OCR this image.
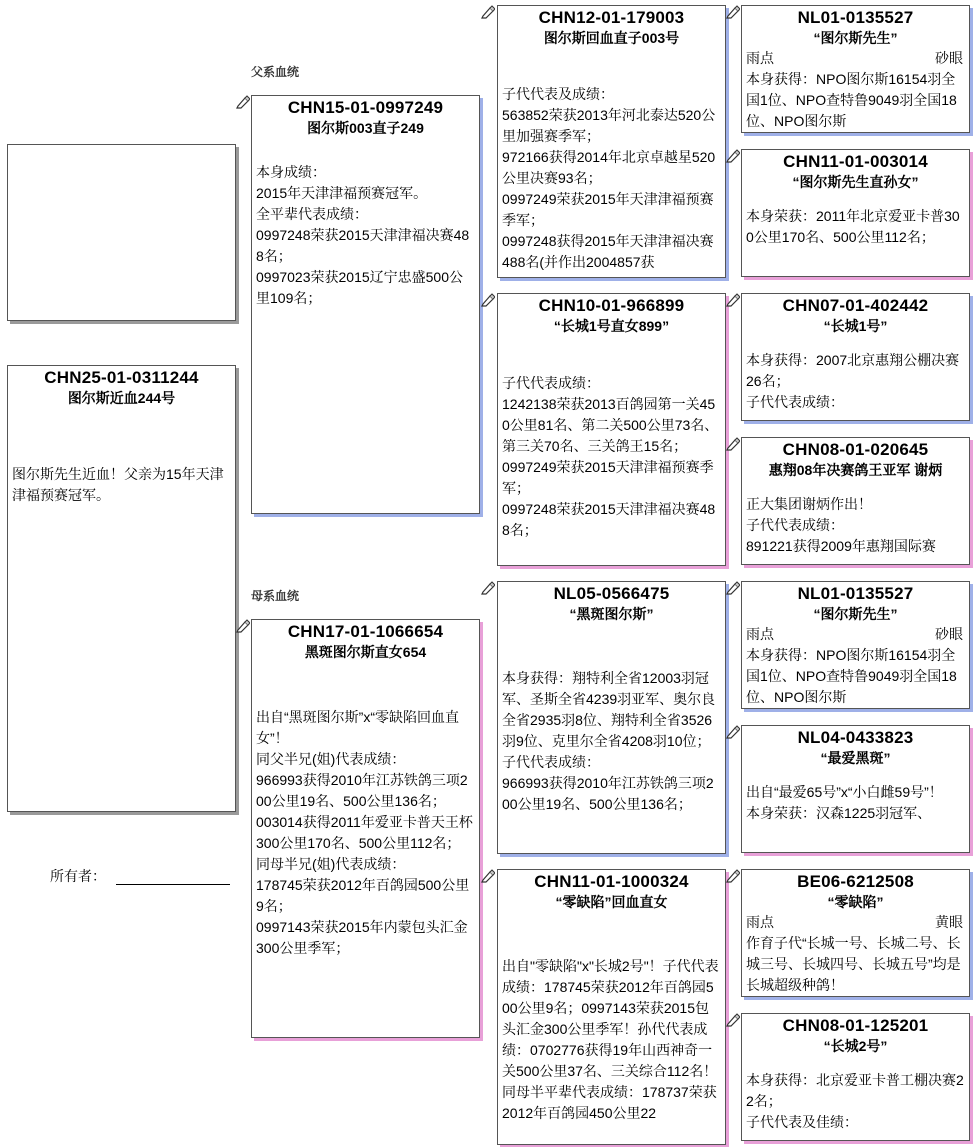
CHN25-01-0311244
图尔斯近血244号
图尔斯先生近血！父亲为15年天津津福预赛冠军。
所有者：
父系血统
母系血统
CHN15-01-0997249
图尔斯003直子249
本身成绩：
2015年天津津福预赛冠军。
全平辈代表成绩：
0997248荣获2015天津津福决赛488名；
0997023荣获2015辽宁忠盛500公里109名；
CHN17-01-1066654
黑斑图尔斯直女654
出自“黑斑图尔斯”x“零缺陷回血直女”！
同父半兄(姐)代表成绩：
966993获得2010年江苏铁鸽三项200公里19名、500公里136名；
003014获得2011年爱亚卡普天王杯300公里170名、500公里112名；
同母半兄(姐)代表成绩：
178745荣获2012年百鸽园500公里9名；
0997143荣获2015年内蒙包头汇金300公里季军；
CHN12-01-179003
图尔斯回血直子003号
子代代表及成绩：
563852荣获2013年河北泰达520公里加强赛季军；
972166获得2014年北京卓越星520公里决赛93名；
0997249荣获2015年天津津福预赛季军；
0997248获得2015年天津津福决赛488名(并作出2004857获
CHN10-01-966899
“长城1号直女899”
子代代表成绩：
1242138荣获2013百鸽园第一关450公里81名、第二关500公里73名、第三关70名、三关鸽王15名；
0997249荣获2015天津津福预赛季军；
0997248荣获2015天津津福决赛488名；
NL05-0566475
“黑斑图尔斯”
本身获得：翔特利全省12003羽冠军、圣斯全省4239羽亚军、奥尔良全省2935羽8位、翔特利全省3526羽9位、克里尔全省4208羽10位；
子代代表成绩：
966993获得2010年江苏铁鸽三项200公里19名、500公里136名；
CHN11-01-1000324
“零缺陷”回血直女
出自"零缺陷"x"长城2号"！子代代表成绩：178745荣获2012年百鸽园500公里9名；0997143荣获2015包头汇金300公里季军！孙代代表成绩：0702776获得19年山西神奇一关500公里37名、三关综合112名！
同母半平辈代表成绩：178737荣获2012年百鸽园450公里22
NL01-0135527
“图尔斯先生”
雨点	砂眼
本身获得：NPO图尔斯16154羽全国1位、NPO查特鲁9049羽全国18位、NPO图尔斯
CHN11-01-003014
“图尔斯先生直孙女”
本身荣获：2011年北京爱亚卡普300公里170名、500公里112名；
CHN07-01-402442
“长城1号”
本身获得：2007北京惠翔公棚决赛26名；
子代代表成绩：
CHN08-01-020645
惠翔08年决赛鸽王亚军 谢炳
正大集团谢炳作出！
子代代表成绩：
891221获得2009年惠翔国际赛
NL01-0135527
“图尔斯先生”
雨点	砂眼
本身获得：NPO图尔斯16154羽全国1位、NPO查特鲁9049羽全国18位、NPO图尔斯
NL04-0433823
“最爱黑斑”
出自“最爱65号”x“小白雌59号”！
本身荣获：汉森1225羽冠军、
BE06-6212508
“零缺陷”
雨点	黄眼
作育子代“长城一号、长城二号、长城三号、长城四号、长城五号”均是长城超级种鸽！
CHN08-01-125201
“长城2号”
本身获得：北京爱亚卡普工棚决赛22名；
子代代表及佳绩：
